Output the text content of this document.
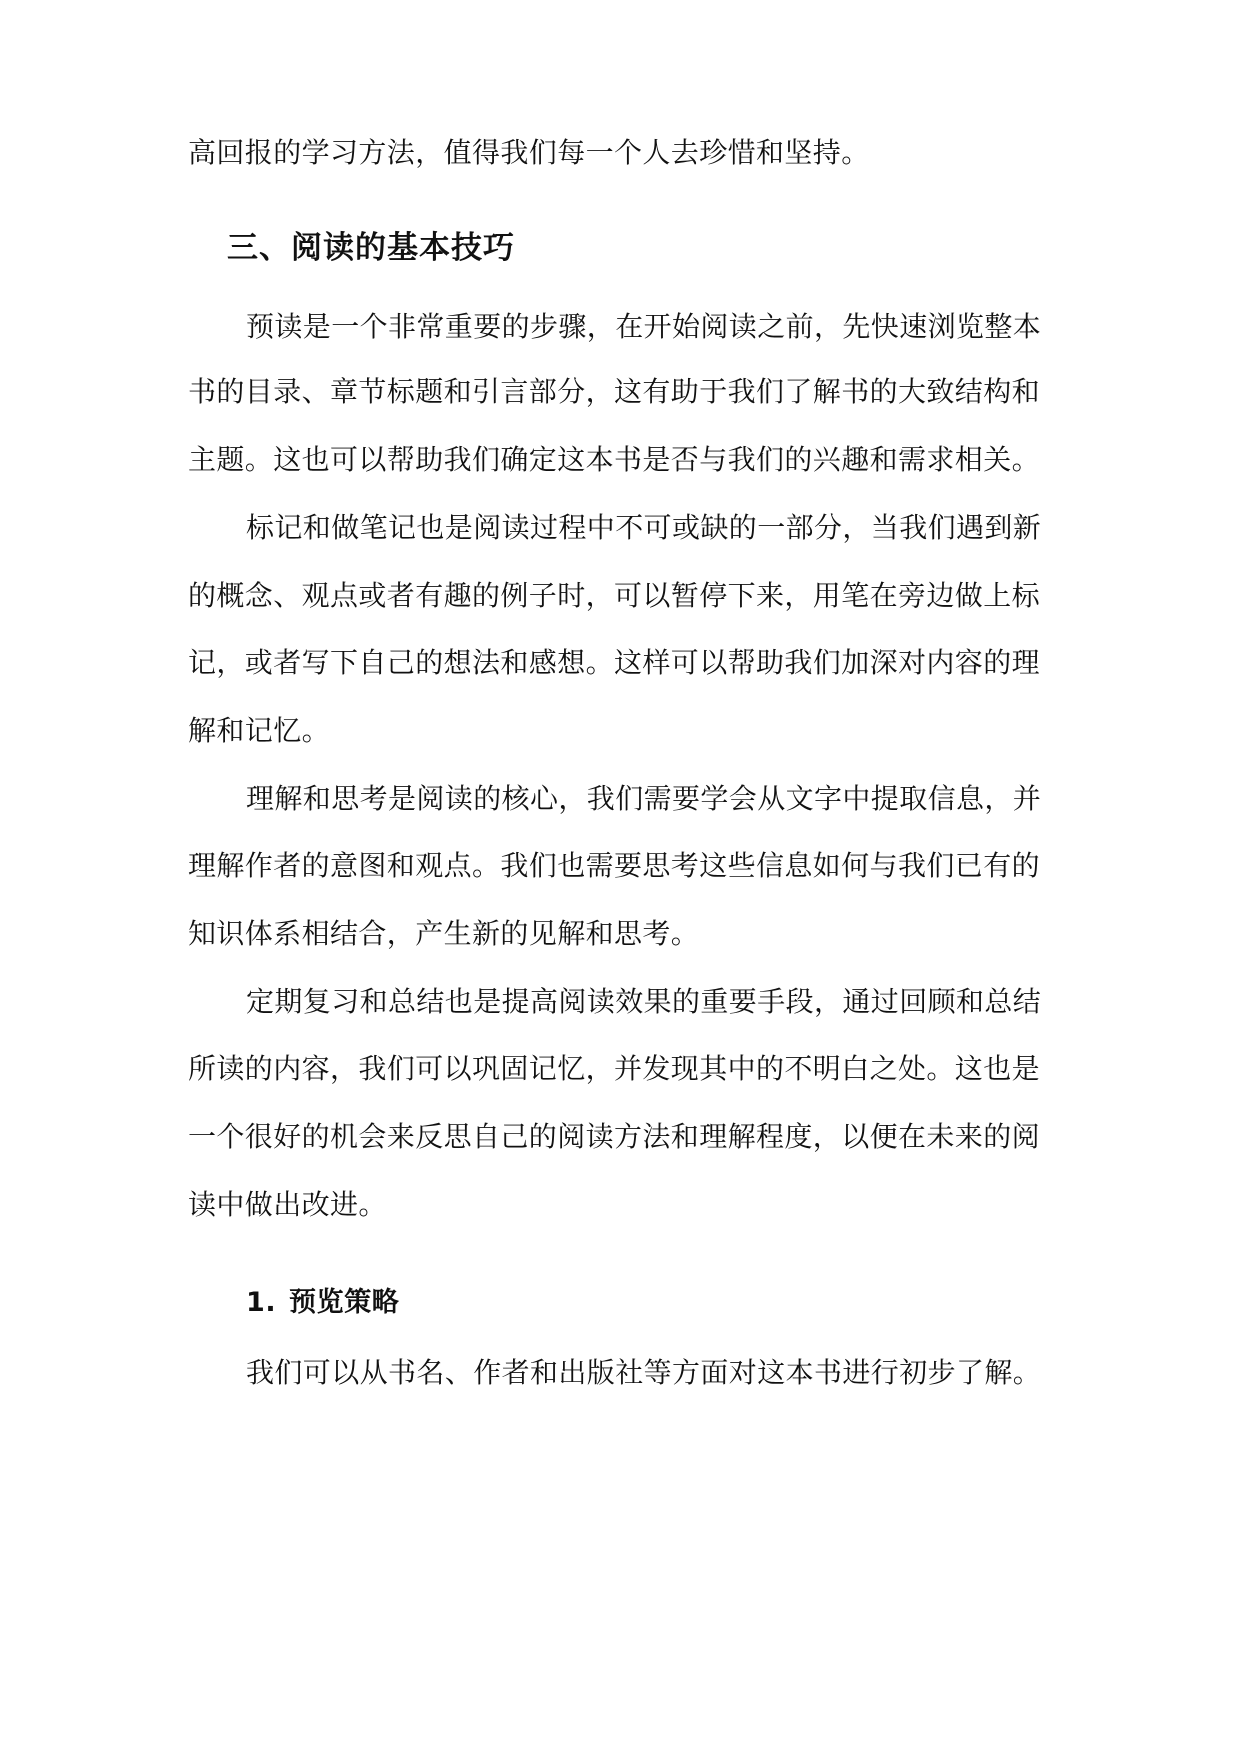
高回报的学习方法，值得我们每一个人去珍惜和坚持。
三、阅读的基本技巧
预读是一个非常重要的步骤，在开始阅读之前，先快速浏览整本
书的目录、章节标题和引言部分，这有助于我们了解书的大致结构和
主题。这也可以帮助我们确定这本书是否与我们的兴趣和需求相关。
标记和做笔记也是阅读过程中不可或缺的一部分，当我们遇到新
的概念、观点或者有趣的例子时，可以暂停下来，用笔在旁边做上标
记，或者写下自己的想法和感想。这样可以帮助我们加深对内容的理
解和记忆。
理解和思考是阅读的核心，我们需要学会从文字中提取信息，并
理解作者的意图和观点。我们也需要思考这些信息如何与我们已有的
知识体系相结合，产生新的见解和思考。
定期复习和总结也是提高阅读效果的重要手段，通过回顾和总结
所读的内容，我们可以巩固记忆，并发现其中的不明白之处。这也是
一个很好的机会来反思自己的阅读方法和理解程度，以便在未来的阅
读中做出改进。
1. 预览策略
我们可以从书名、作者和出版社等方面对这本书进行初步了解。
